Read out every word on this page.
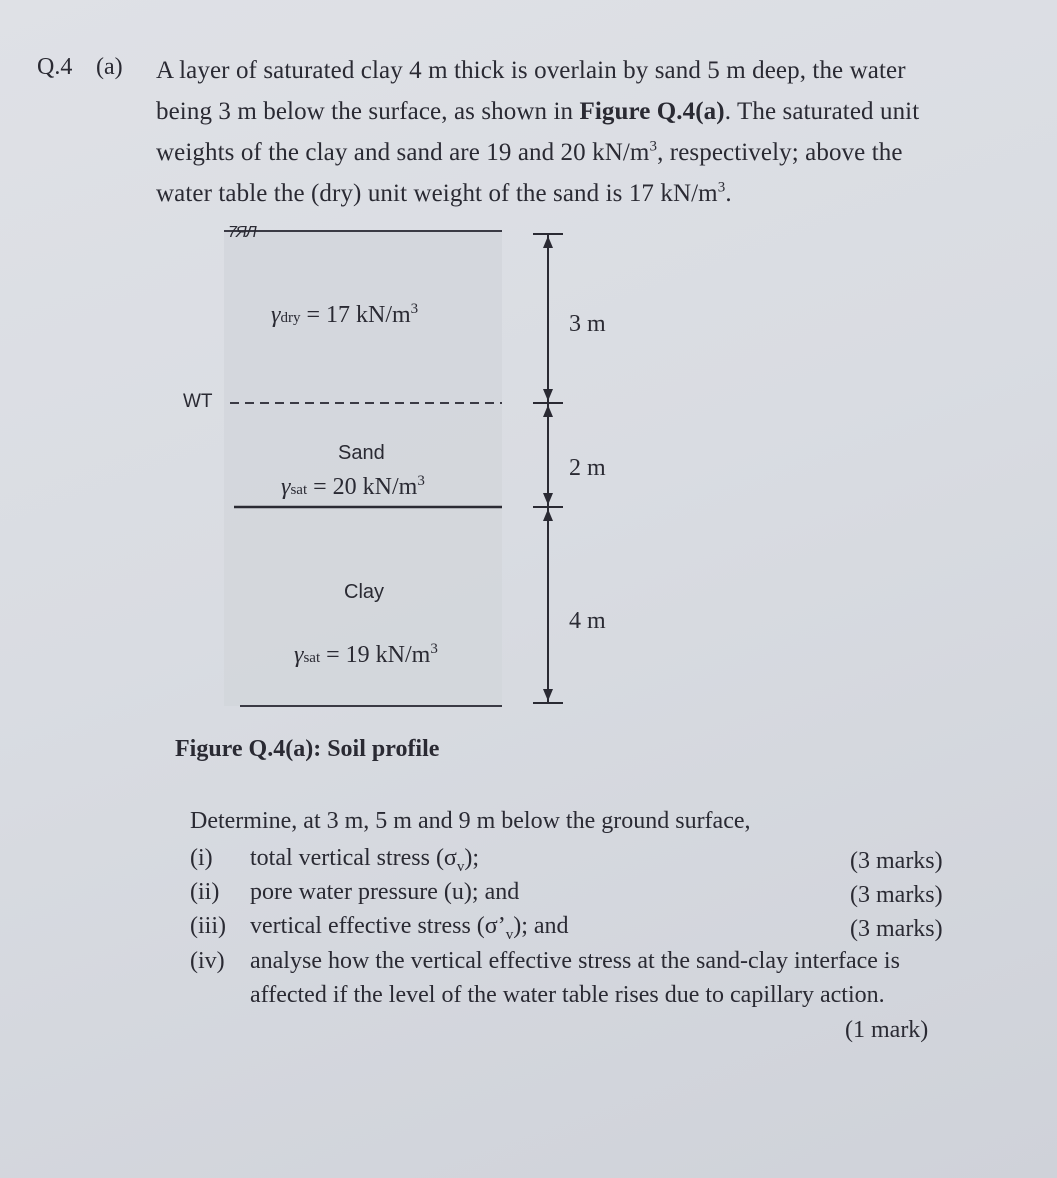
Q.4 (a) A layer of saturated clay 4 m thick is overlain by sand 5 m deep, the water

being 3 m below the surface, as shown in Figure Q.4(a). The saturated unit

weights of the clay and sand are 19 and 20 $kN/m^3$, respectively; above the

water table the (dry) unit weight of the sand is 17 $kN/m^3$.

7ЯЛ
WT
γdry = 17 $kN/m^3$
Sand
γsat = 20 $kN/m^3$
Clay
γsat = 19 $kN/m^3$
3 m
2 m
4 m
Figure Q.4(a): Soil profile
Determine, at 3 m, 5 m and 9 m below the ground surface,
(i) total vertical stress $(\sigma_v)$;	(3 marks)
(ii) pore water pressure (u); and	(3 marks)
(iii) vertical effective stress $(\sigma’_v)$; and	(3 marks)
(iv) analyse how the vertical effective stress at the sand-clay interface is
affected if the level of the water table rises due to capillary action.
(1 mark)
